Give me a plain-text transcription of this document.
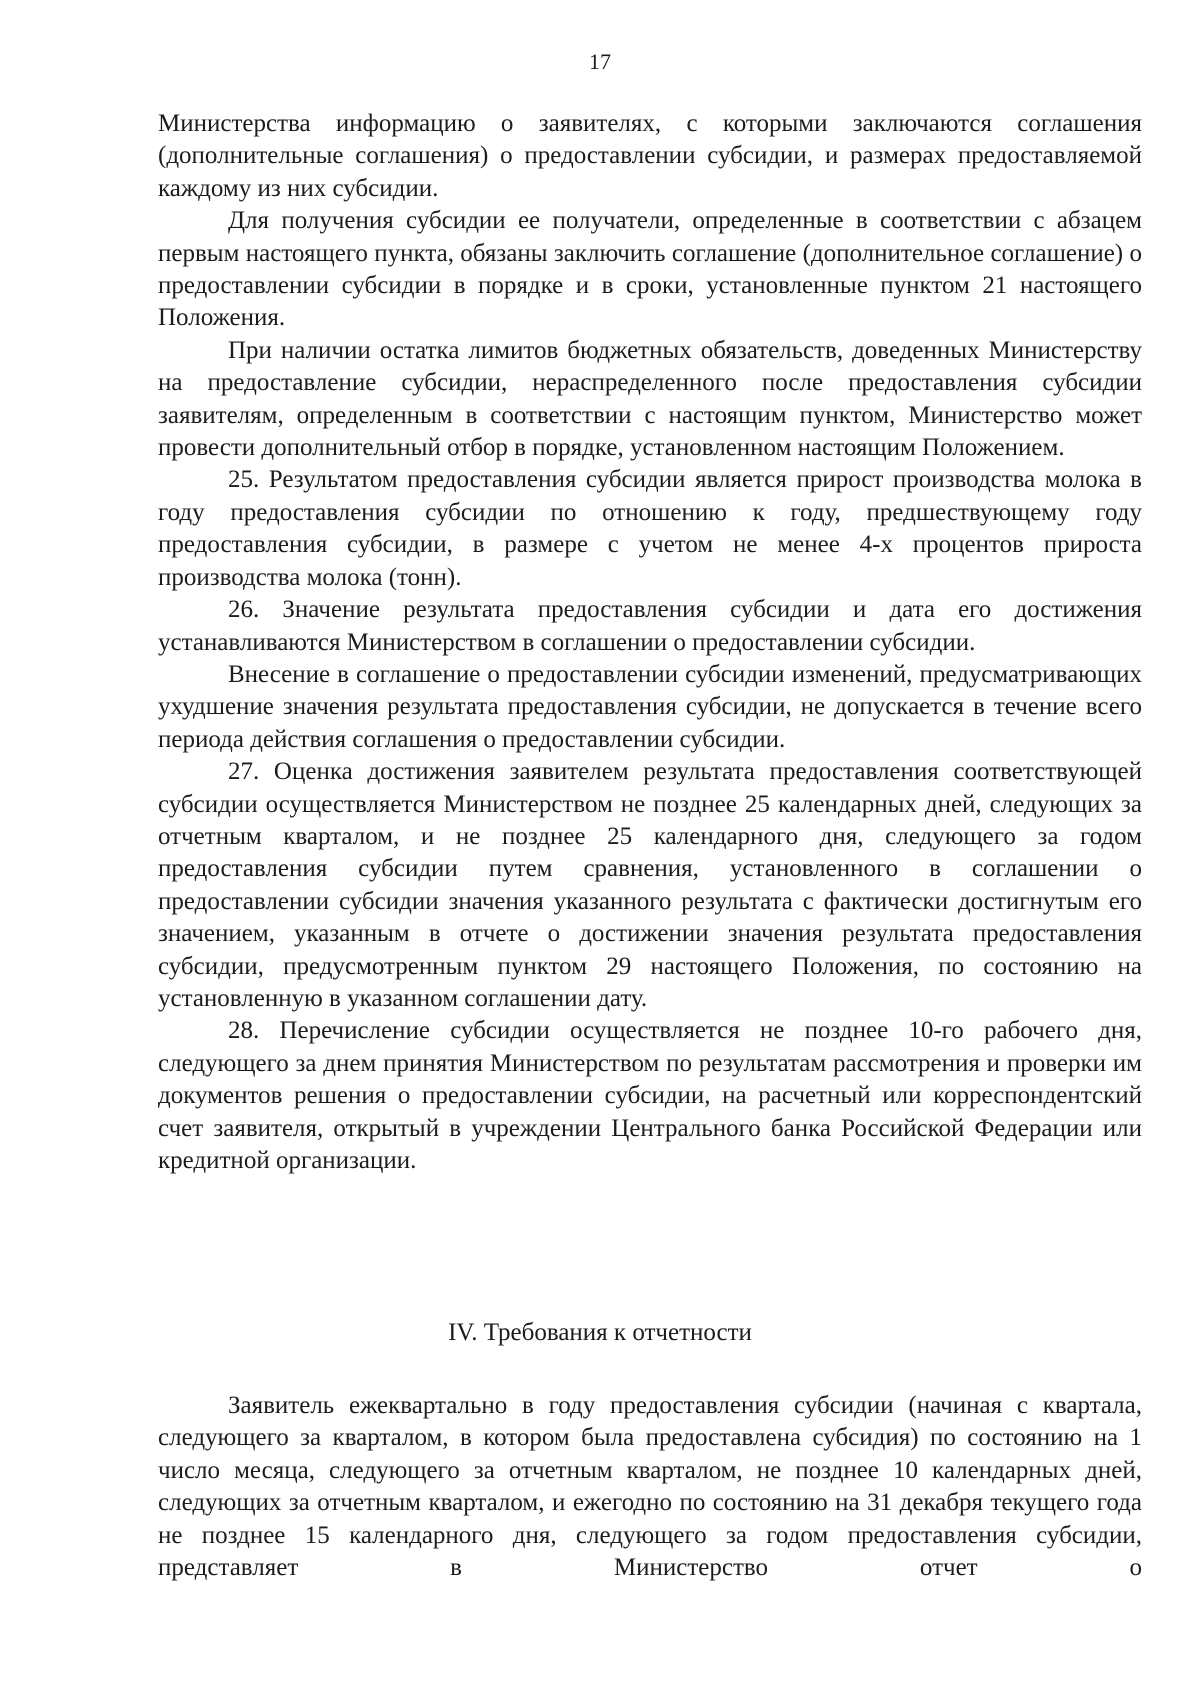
17

Министерства информацию о заявителях, с которыми заключаются соглашения (дополнительные соглашения) о предоставлении субсидии, и размерах предоставляемой каждому из них субсидии.

Для получения субсидии ее получатели, определенные в соответствии с абзацем первым настоящего пункта, обязаны заключить соглашение (дополнительное соглашение) о предоставлении субсидии в порядке и в сроки, установленные пунктом 21 настоящего Положения.

При наличии остатка лимитов бюджетных обязательств, доведенных Министерству на предоставление субсидии, нераспределенного после предоставления субсидии заявителям, определенным в соответствии с настоящим пунктом, Министерство может провести дополнительный отбор в порядке, установленном настоящим Положением.

25. Результатом предоставления субсидии является прирост производства молока в году предоставления субсидии по отношению к году, предшествующему году предоставления субсидии, в размере с учетом не менее 4-х процентов прироста производства молока (тонн).

26. Значение результата предоставления субсидии и дата его достижения устанавливаются Министерством в соглашении о предоставлении субсидии.

Внесение в соглашение о предоставлении субсидии изменений, предусматривающих ухудшение значения результата предоставления субсидии, не допускается в течение всего периода действия соглашения о предоставлении субсидии.

27. Оценка достижения заявителем результата предоставления соответствующей субсидии осуществляется Министерством не позднее 25 календарных дней, следующих за отчетным кварталом, и не позднее 25 календарного дня, следующего за годом предоставления субсидии путем сравнения, установленного в соглашении о предоставлении субсидии значения указанного результата с фактически достигнутым его значением, указанным в отчете о достижении значения результата предоставления субсидии, предусмотренным пунктом 29 настоящего Положения, по состоянию на установленную в указанном соглашении дату.

28. Перечисление субсидии осуществляется не позднее 10-го рабочего дня, следующего за днем принятия Министерством по результатам рассмотрения и проверки им документов решения о предоставлении субсидии, на расчетный или корреспондентский счет заявителя, открытый в учреждении Центрального банка Российской Федерации или кредитной организации.

IV. Требования к отчетности

Заявитель ежеквартально в году предоставления субсидии (начиная с квартала, следующего за кварталом, в котором была предоставлена субсидия) по состоянию на 1 число месяца, следующего за отчетным кварталом, не позднее 10 календарных дней, следующих за отчетным кварталом, и ежегодно по состоянию на 31 декабря текущего года не позднее 15 календарного дня, следующего за годом предоставления субсидии, представляет в Министерство отчет о
